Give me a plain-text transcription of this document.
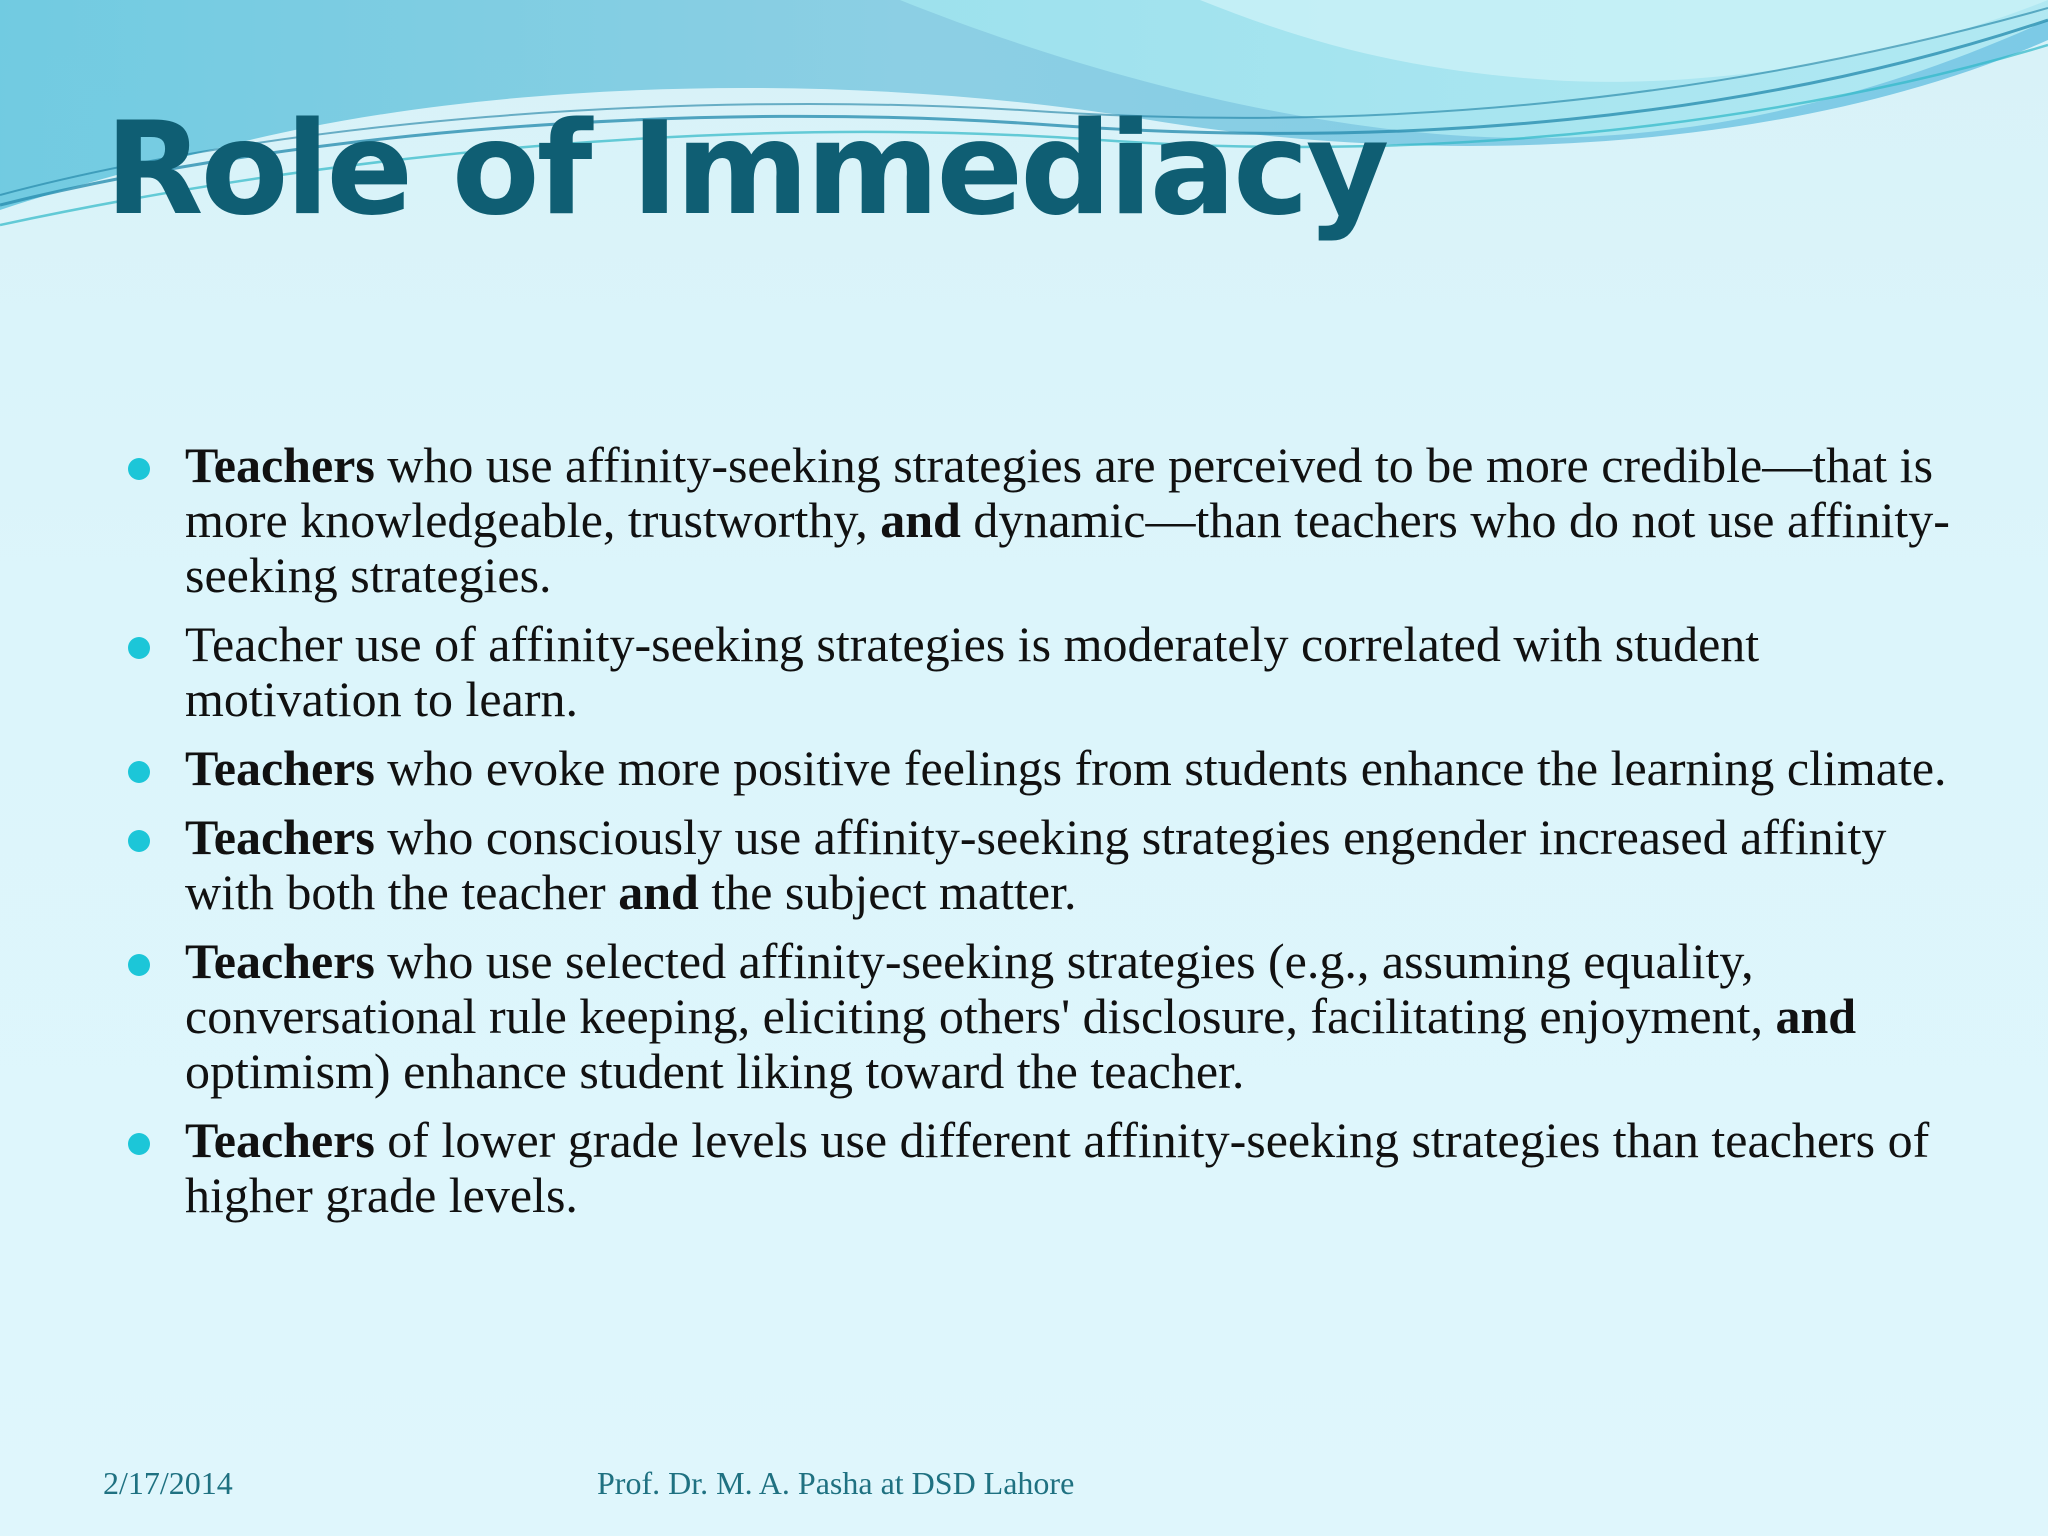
Role of Immediacy
Teachers who use affinity-seeking strategies are perceived to be more credible—that is more knowledgeable, trustworthy, and dynamic—than teachers who do not use affinity-seeking strategies.
Teacher use of affinity-seeking strategies is moderately correlated with student motivation to learn.
Teachers who evoke more positive feelings from students enhance the learning climate.
Teachers who consciously use affinity-seeking strategies engender increased affinity with both the teacher and the subject matter.
Teachers who use selected affinity-seeking strategies (e.g., assuming equality, conversational rule keeping, eliciting others' disclosure, facilitating enjoyment, and optimism) enhance student liking toward the teacher.
Teachers of lower grade levels use different affinity-seeking strategies than teachers of higher grade levels.
2/17/2014	Prof. Dr. M. A. Pasha at DSD Lahore
